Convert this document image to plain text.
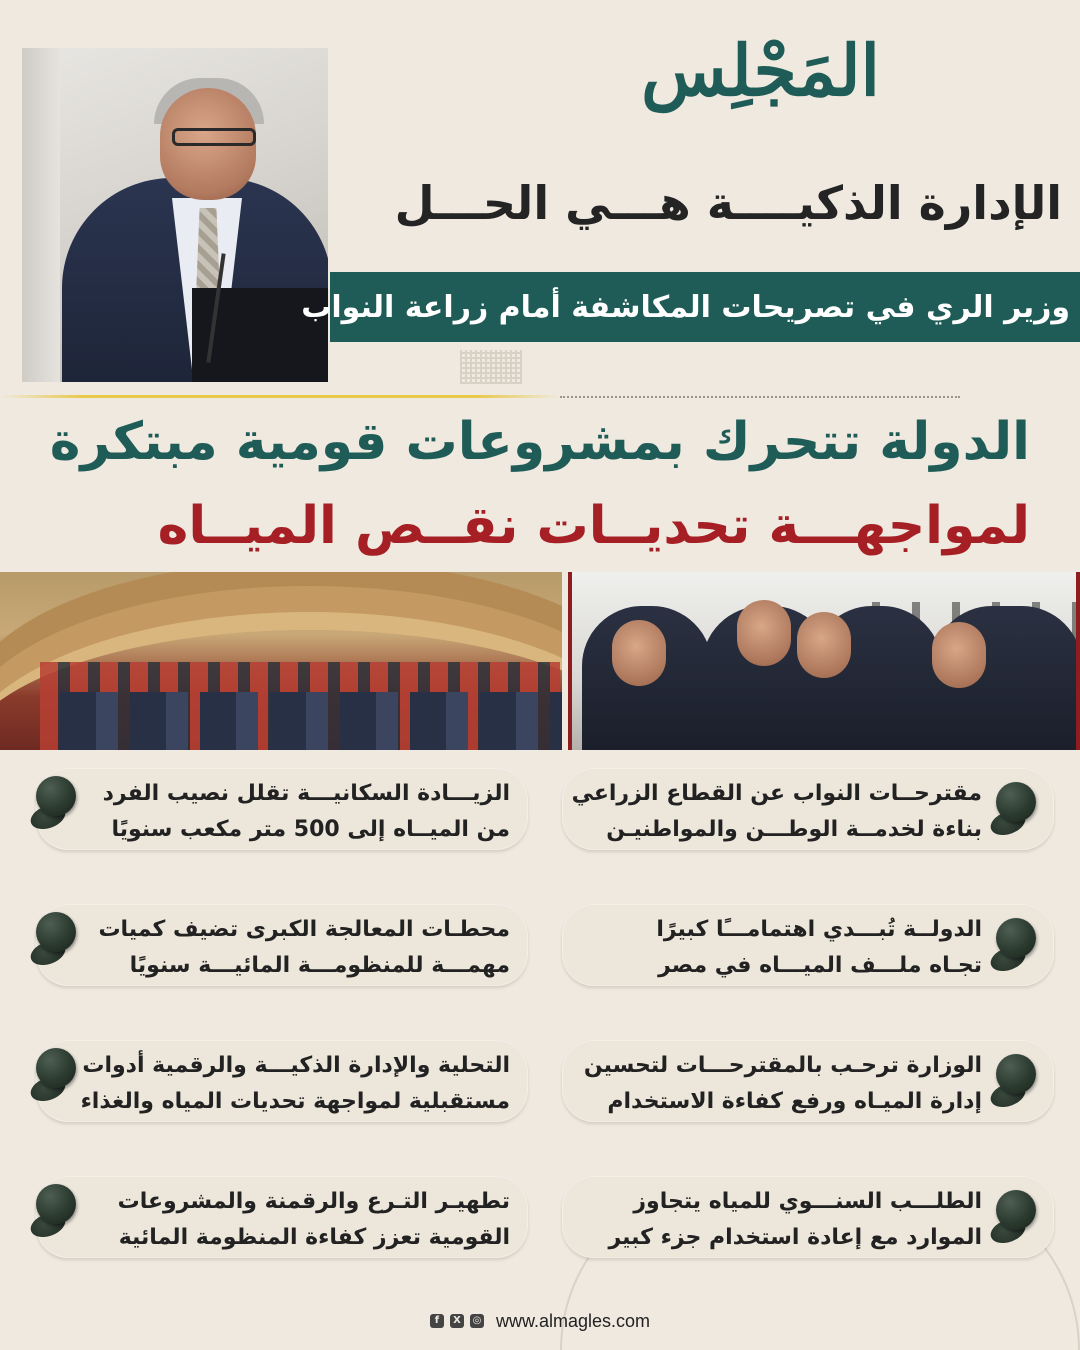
المَجْلِس
الإدارة الذكيــــة هـــي الحـــل
وزير الري في تصريحات المكاشفة أمام زراعة النواب
الدولة تتحرك بمشروعات قومية مبتكرة
لمواجهـــة تحديــات نقــص الميــاه
مقترحــات النواب عن القطاع الزراعي
بناءة لخدمــة الوطـــن والمواطنيـن
الدولــة تُبـــدي اهتمامـــًا كبيرًا
تجـاه ملـــف الميـــاه في مصر
الوزارة ترحـب بالمقترحـــات لتحسين
إدارة الميـاه ورفع كفاءة الاستخدام
الطلـــب السنـــوي للمياه يتجاوز
الموارد مع إعادة استخدام جزء كبير
الزيـــادة السكانيـــة تقلل نصيب الفرد
من الميــاه إلى 500 متر مكعب سنويًا
محطـات المعالجة الكبرى تضيف كميات
مهمـــة للمنظومـــة المائيـــة سنويًا
التحلية والإدارة الذكيـــة والرقمية أدوات
مستقبلية لمواجهة تحديات المياه والغذاء
تطهيـر التـرع والرقمنة والمشروعات
القومية تعزز كفاءة المنظومة المائية
f	X	◎ www.almagles.com
